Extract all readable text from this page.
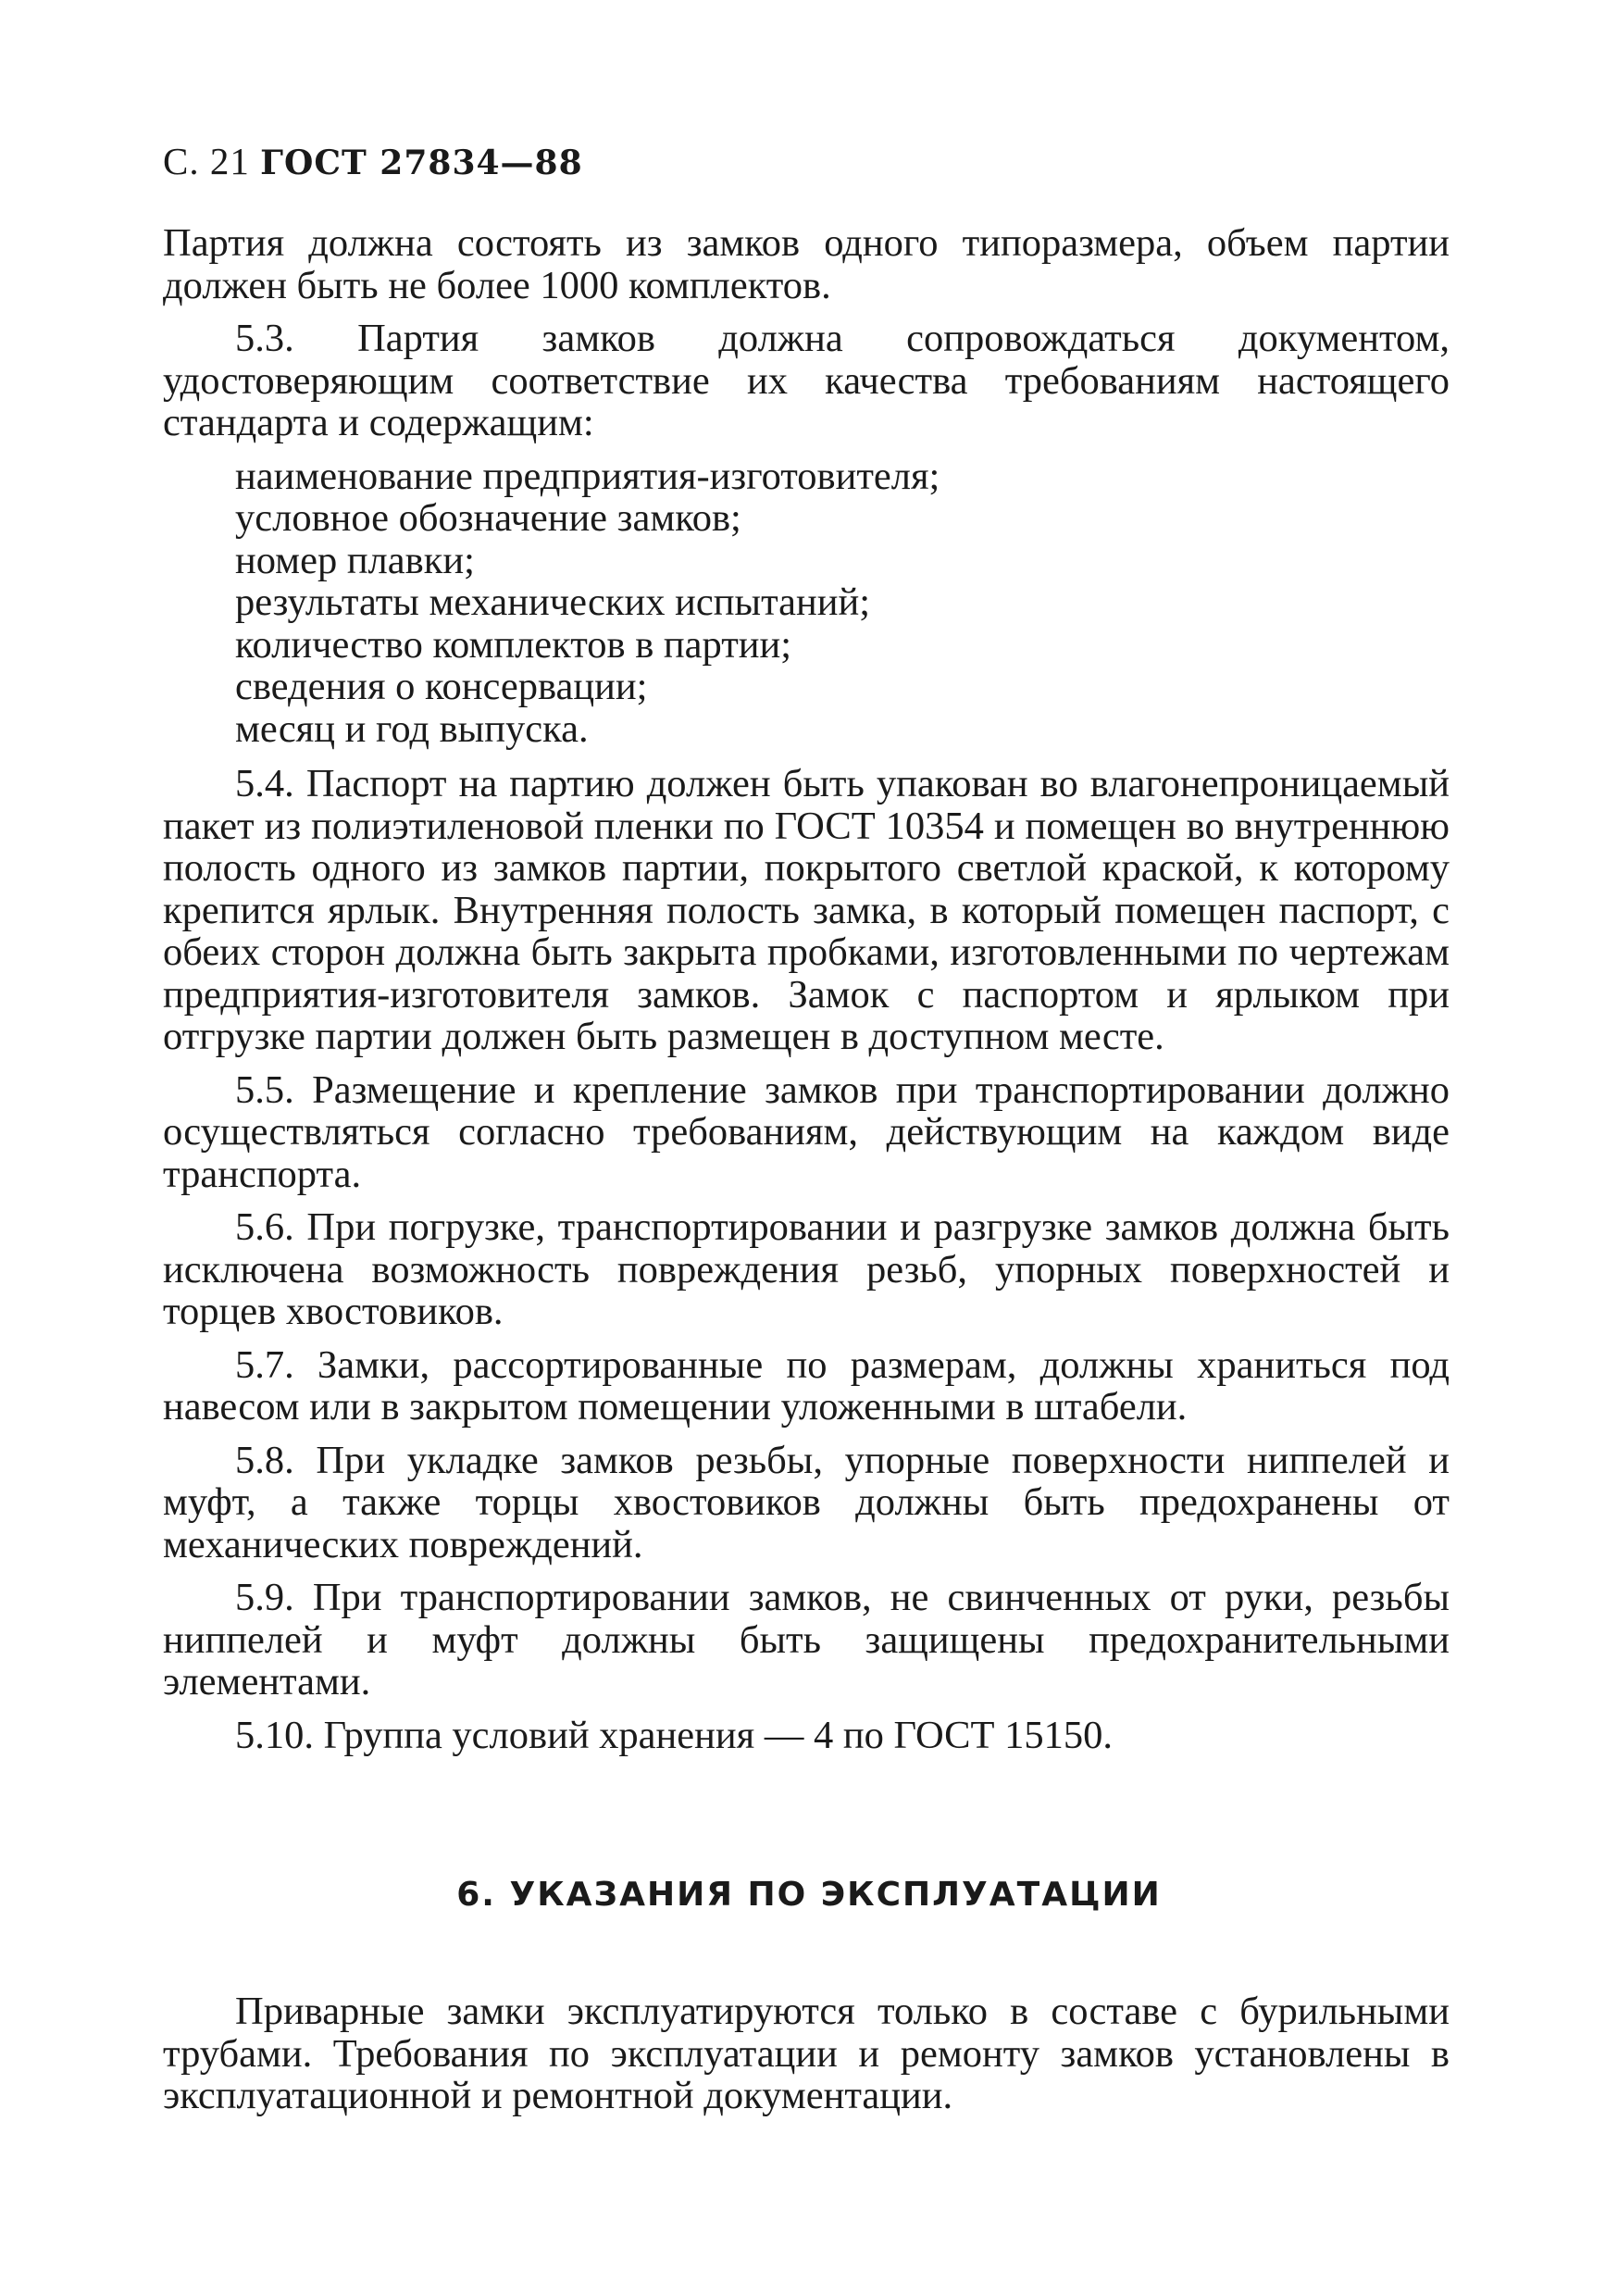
С. 21 ГОСТ 27834—88

Партия должна состоять из замков одного типоразмера, объем партии должен быть не более 1000 комплектов.

5.3. Партия замков должна сопровождаться документом, удостоверяющим соответствие их качества требованиям настоящего стандарта и содержащим:

наименование предприятия-изготовителя;
условное обозначение замков;
номер плавки;
результаты механических испытаний;
количество комплектов в партии;
сведения о консервации;
месяц и год выпуска.

5.4. Паспорт на партию должен быть упакован во влагонепроницаемый пакет из полиэтиленовой пленки по ГОСТ 10354 и помещен во внутреннюю полость одного из замков партии, покрытого светлой краской, к которому крепится ярлык. Внутренняя полость замка, в который помещен паспорт, с обеих сторон должна быть закрыта пробками, изготовленными по чертежам предприятия-изготовителя замков. Замок с паспортом и ярлыком при отгрузке партии должен быть размещен в доступном месте.

5.5. Размещение и крепление замков при транспортировании должно осуществляться согласно требованиям, действующим на каждом виде транспорта.

5.6. При погрузке, транспортировании и разгрузке замков должна быть исключена возможность повреждения резьб, упорных поверхностей и торцев хвостовиков.

5.7. Замки, рассортированные по размерам, должны храниться под навесом или в закрытом помещении уложенными в штабели.

5.8. При укладке замков резьбы, упорные поверхности ниппелей и муфт, а также торцы хвостовиков должны быть предохранены от механических повреждений.

5.9. При транспортировании замков, не свинченных от руки, резьбы ниппелей и муфт должны быть защищены предохранительными элементами.

5.10. Группа условий хранения — 4 по ГОСТ 15150.

6. УКАЗАНИЯ ПО ЭКСПЛУАТАЦИИ

Приварные замки эксплуатируются только в составе с бурильными трубами. Требования по эксплуатации и ремонту замков установлены в эксплуатационной и ремонтной документации.
